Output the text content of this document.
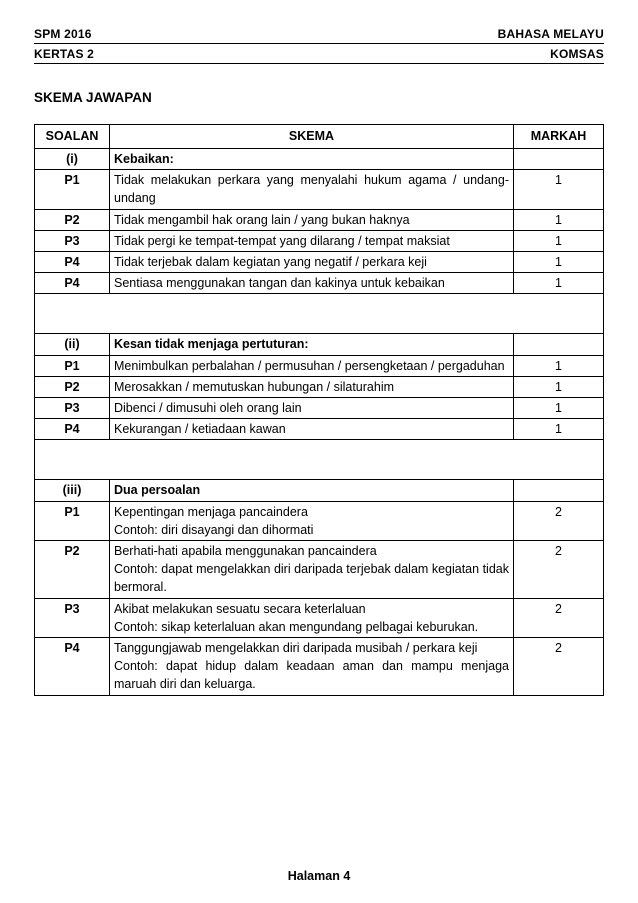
SPM 2016	BAHASA MELAYU
KERTAS 2	KOMSAS
SKEMA JAWAPAN
SOALAN	SKEMA	MARKAH
(i)	Kebaikan:	
P1	Tidak melakukan perkara yang menyalahi hukum agama / undang-undang	1
P2	Tidak mengambil hak orang lain / yang bukan haknya	1
P3	Tidak pergi ke tempat-tempat yang dilarang / tempat maksiat	1
P4	Tidak terjebak dalam kegiatan yang negatif / perkara keji	1
P4	Sentiasa menggunakan tangan dan kakinya untuk kebaikan	1

(ii)	Kesan tidak menjaga pertuturan:	
P1	Menimbulkan perbalahan / permusuhan / persengketaan / pergaduhan	1
P2	Merosakkan / memutuskan hubungan / silaturahim	1
P3	Dibenci / dimusuhi oleh orang lain	1
P4	Kekurangan / ketiadaan kawan	1

(iii)	Dua persoalan	
P1	Kepentingan menjaga pancaindera
Contoh: diri disayangi dan dihormati	2
P2	Berhati-hati apabila menggunakan pancaindera
Contoh: dapat mengelakkan diri daripada terjebak dalam kegiatan tidak bermoral.	2
P3	Akibat melakukan sesuatu secara keterlaluan
Contoh: sikap keterlaluan akan mengundang pelbagai keburukan.	2
P4	Tanggungjawab mengelakkan diri daripada musibah / perkara keji
Contoh: dapat hidup dalam keadaan aman dan mampu menjaga maruah diri dan keluarga.	2
Halaman 4
